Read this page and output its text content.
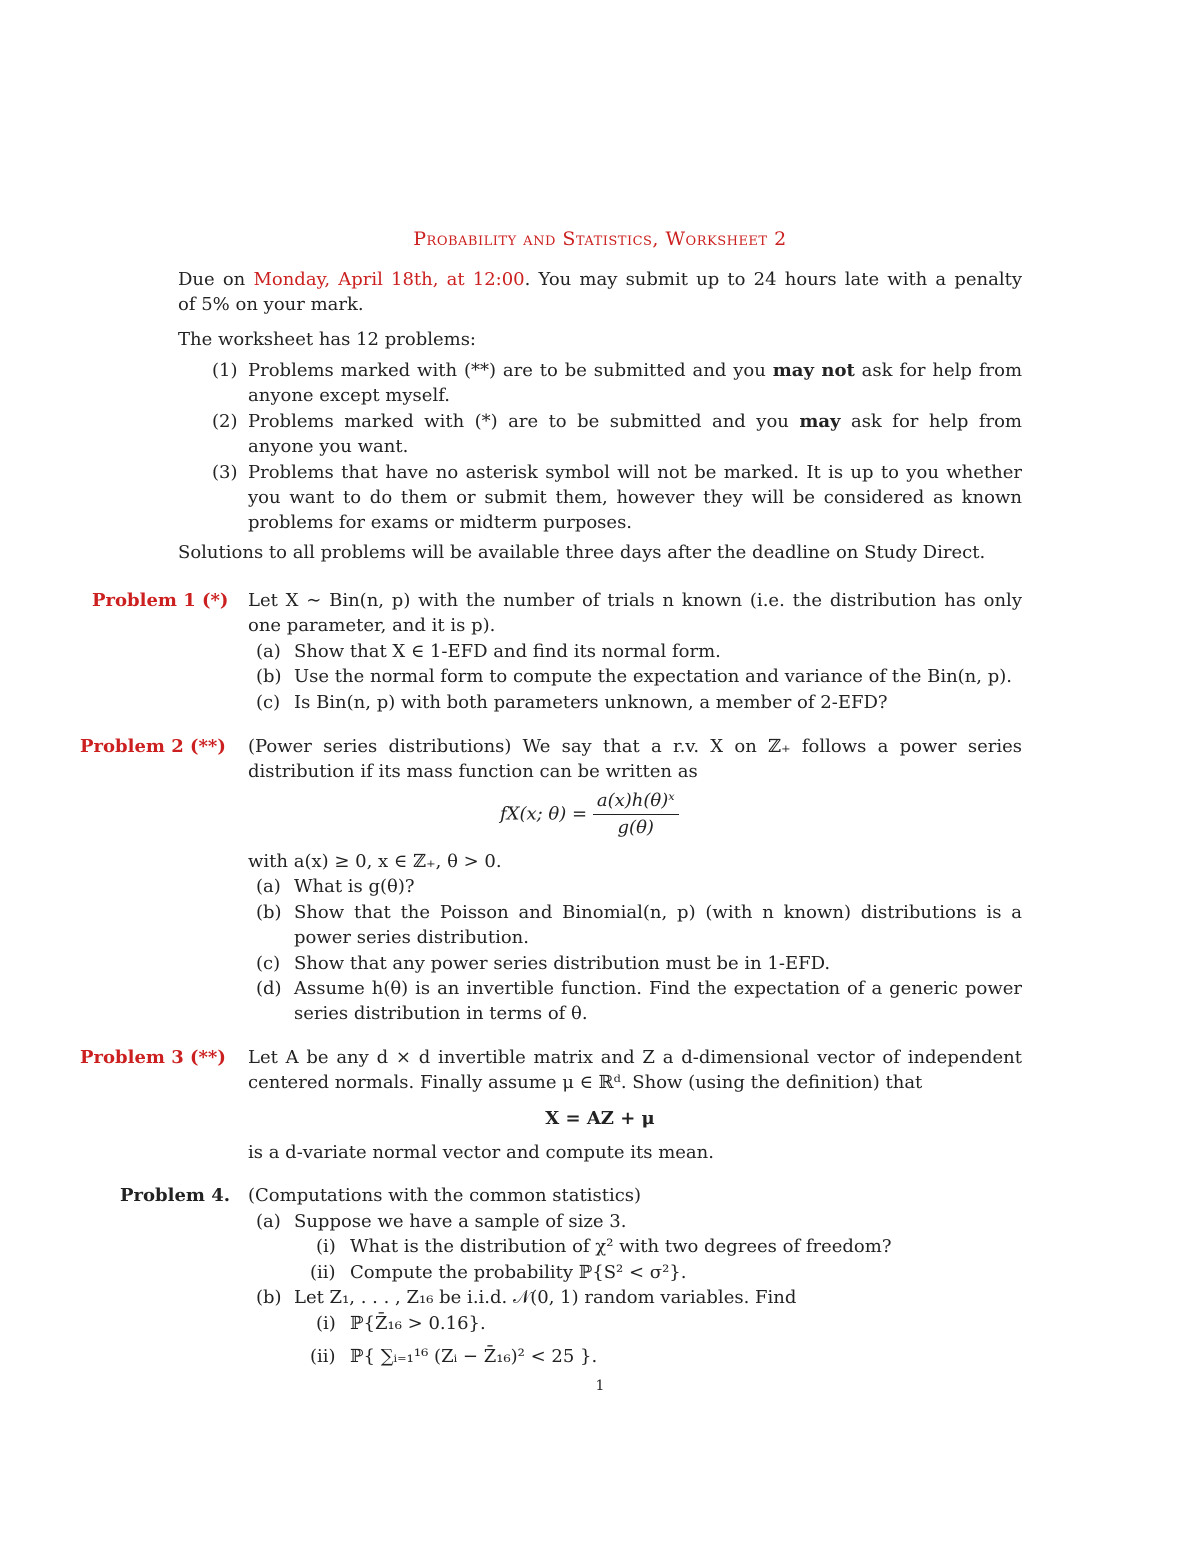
Probability and Statistics, Worksheet 2
Due on Monday, April 18th, at 12:00. You may submit up to 24 hours late with a penalty
of 5% on your mark.
The worksheet has 12 problems:
(1) Problems marked with (**) are to be submitted and you may not ask for help from
anyone except myself.
(2) Problems marked with (*) are to be submitted and you may ask for help from
anyone you want.
(3) Problems that have no asterisk symbol will not be marked. It is up to you whether
you want to do them or submit them, however they will be considered as known
problems for exams or midterm purposes.
Solutions to all problems will be available three days after the deadline on Study Direct.
Problem 1 (*) Let X ∼ Bin(n, p) with the number of trials n known (i.e. the distribution has only
one parameter, and it is p).
(a) Show that X ∈ 1-EFD and find its normal form.
(b) Use the normal form to compute the expectation and variance of the Bin(n, p).
(c) Is Bin(n, p) with both parameters unknown, a member of 2-EFD?
Problem 2 (**) (Power series distributions) We say that a r.v. X on ℤ₊ follows a power series
distribution if its mass function can be written as
fX(x; $\theta) = \frac{\text{a(x)h(θ)ˣ}}{g(\theta)}$
with a(x) ≥ 0, x ∈ ℤ₊, θ > 0.
(a) What is g(θ)?
(b) Show that the Poisson and Binomial(n, p) (with n known) distributions is a
power series distribution.
(c) Show that any power series distribution must be in 1-EFD.
(d) Assume h(θ) is an invertible function. Find the expectation of a generic power
series distribution in terms of θ.
Problem 3 (**) Let A be any d × d invertible matrix and Z a d-dimensional vector of independent
centered normals. Finally assume μ ∈ ℝᵈ. Show (using the definition) that
X = AZ + μ
is a d-variate normal vector and compute its mean.
Problem 4. (Computations with the common statistics)
(a) Suppose we have a sample of size 3.
(i) What is the distribution of χ² with two degrees of freedom?
(ii) Compute the probability ℙ{S² < σ²}.
(b) Let Z₁, . . . , Z₁₆ be i.i.d. 𝒩(0, 1) random variables. Find
(i) ℙ{Z̄₁₆ > 0.16}.
(ii) ℙ{ ∑ᵢ₌₁¹⁶ (Zᵢ − Z̄₁₆)² < 25 }.
1
